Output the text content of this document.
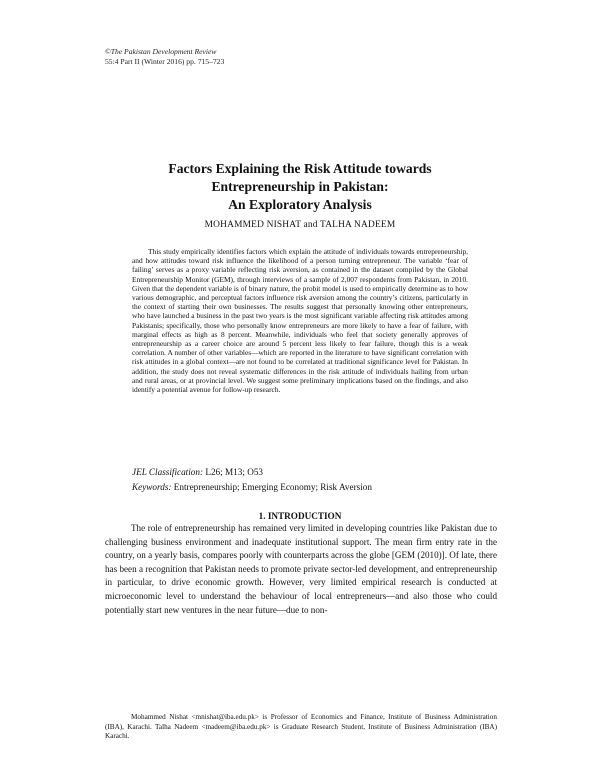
©The Pakistan Development Review
55:4 Part II (Winter 2016) pp. 715–723
Factors Explaining the Risk Attitude towards
Entrepreneurship in Pakistan:
An Exploratory Analysis
MOHAMMED NISHAT and TALHA NADEEM
This study empirically identifies factors which explain the attitude of individuals towards entrepreneurship, and how attitudes toward risk influence the likelihood of a person turning entrepreneur. The variable ‘fear of failing’ serves as a proxy variable reflecting risk aversion, as contained in the dataset compiled by the Global Entrepreneurship Monitor (GEM), through interviews of a sample of 2,007 respondents from Pakistan, in 2010. Given that the dependent variable is of binary nature, the probit model is used to empirically determine as to how various demographic, and perceptual factors influence risk aversion among the country’s citizens, particularly in the context of starting their own businesses. The results suggest that personally knowing other entrepreneurs, who have launched a business in the past two years is the most significant variable affecting risk attitudes among Pakistanis; specifically, those who personally know entrepreneurs are more likely to have a fear of failure, with marginal effects as high as 8 percent. Meanwhile, individuals who feel that society generally approves of entrepreneurship as a career choice are around 5 percent less likely to fear failure, though this is a weak correlation. A number of other variables—which are reported in the literature to have significant correlation with risk attitudes in a global context—are not found to be correlated at traditional significance level for Pakistan. In addition, the study does not reveal systematic differences in the risk attitude of individuals hailing from urban and rural areas, or at provincial level. We suggest some preliminary implications based on the findings, and also identify a potential avenue for follow-up research.
JEL Classification: L26; M13; O53
Keywords: Entrepreneurship; Emerging Economy; Risk Aversion
1. INTRODUCTION
The role of entrepreneurship has remained very limited in developing countries like Pakistan due to challenging business environment and inadequate institutional support. The mean firm entry rate in the country, on a yearly basis, compares poorly with counterparts across the globe [GEM (2010)]. Of late, there has been a recognition that Pakistan needs to promote private sector-led development, and entrepreneurship in particular, to drive economic growth. However, very limited empirical research is conducted at microeconomic level to understand the behaviour of local entrepreneurs—and also those who could potentially start new ventures in the near future—due to non-
Mohammed Nishat <mnishat@iba.edu.pk> is Professor of Economics and Finance, Institute of Business Administration (IBA), Karachi. Talha Nadeem <tnadeem@iba.edu.pk> is Graduate Research Student, Institute of Business Administration (IBA) Karachi.
